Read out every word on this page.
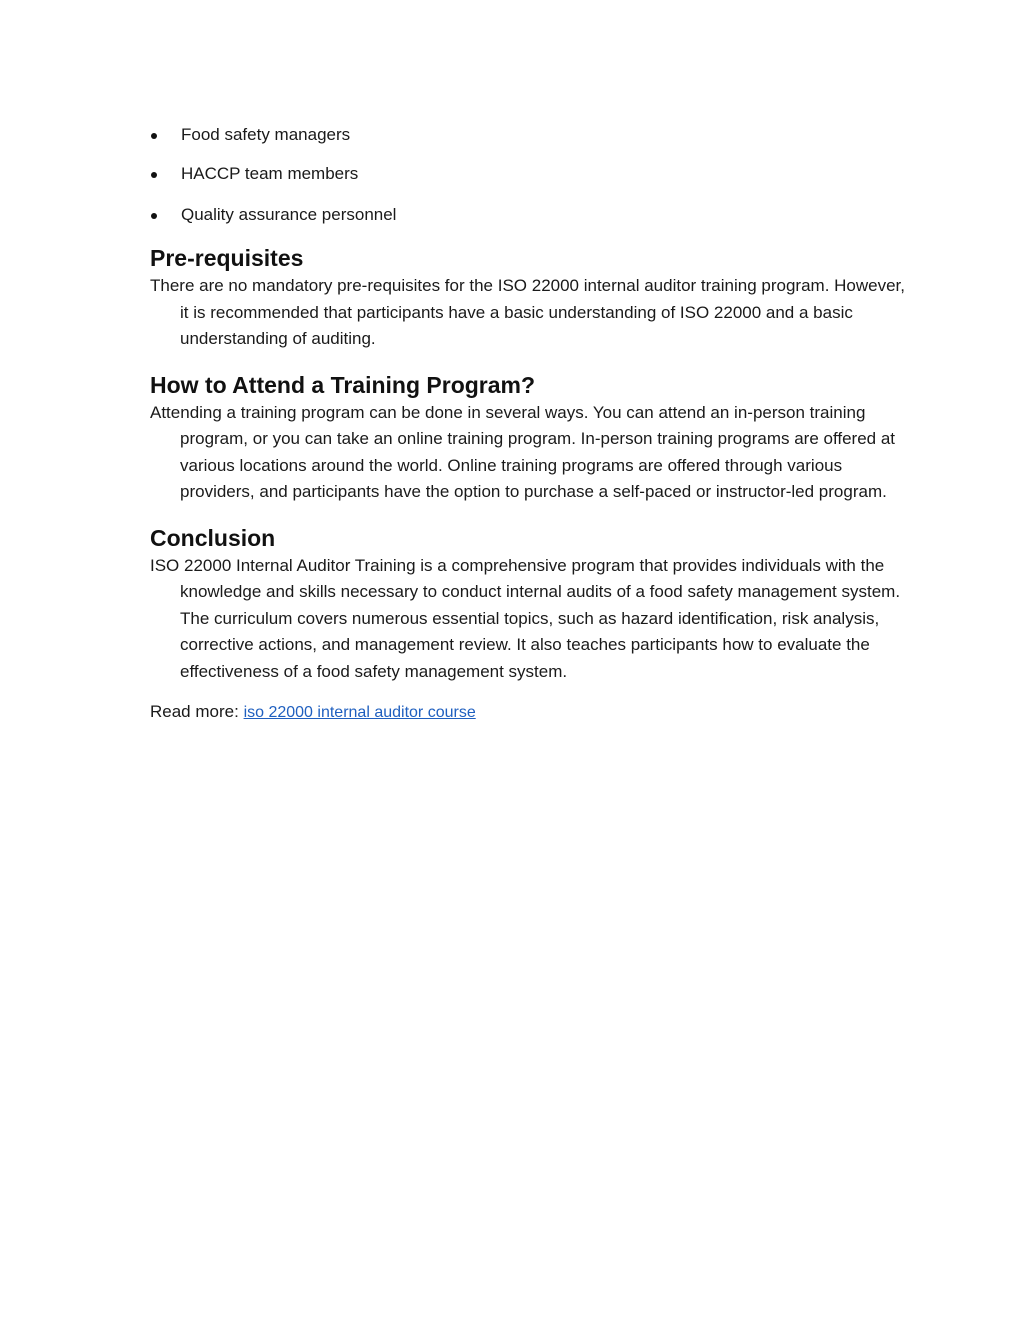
Food safety managers
HACCP team members
Quality assurance personnel
Pre-requisites

There are no mandatory pre-requisites for the ISO 22000 internal auditor training program. However, it is recommended that participants have a basic understanding of ISO 22000 and a basic understanding of auditing.

How to Attend a Training Program?

Attending a training program can be done in several ways. You can attend an in-person training program, or you can take an online training program. In-person training programs are offered at various locations around the world. Online training programs are offered through various providers, and participants have the option to purchase a self-paced or instructor-led program.

Conclusion

ISO 22000 Internal Auditor Training is a comprehensive program that provides individuals with the knowledge and skills necessary to conduct internal audits of a food safety management system. The curriculum covers numerous essential topics, such as hazard identification, risk analysis, corrective actions, and management review. It also teaches participants how to evaluate the effectiveness of a food safety management system.

Read more: iso 22000 internal auditor course
